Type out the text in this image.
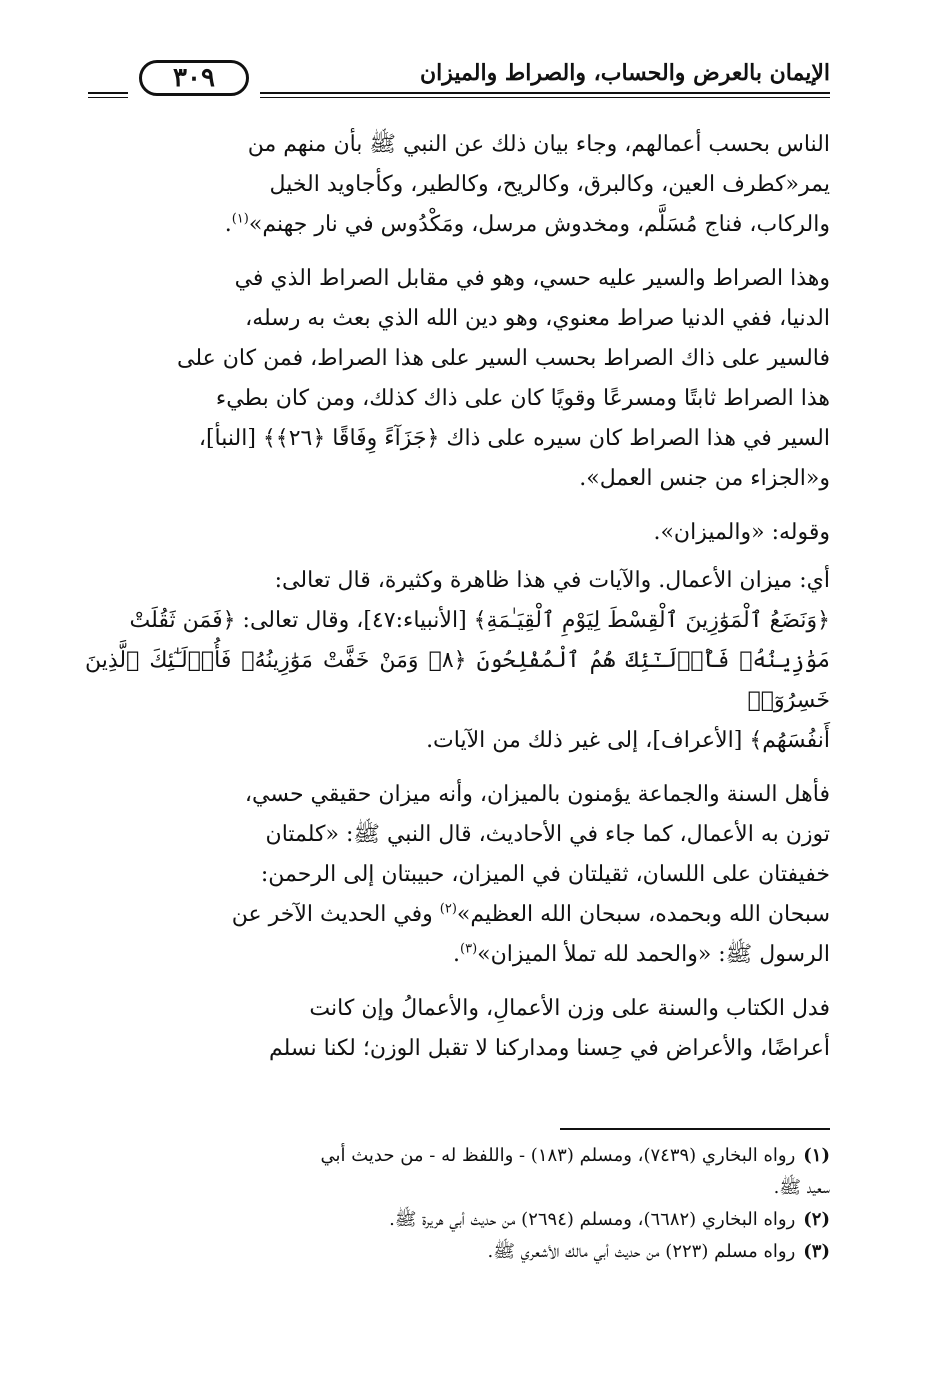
الإيمان بالعرض والحساب، والصراط والميزان
٣٠٩

الناس بحسب أعمالهم، وجاء بيان ذلك عن النبي ﷺ بأن منهم من
يمر«كطرف العين، وكالبرق، وكالريح، وكالطير، وكأجاويد الخيل
والركاب، فناج مُسَلَّم، ومخدوش مرسل، ومَكْدُوس في نار جهنم»$^{(١)}$.

وهذا الصراط والسير عليه حسي، وهو في مقابل الصراط الذي في
الدنيا، ففي الدنيا صراط معنوي، وهو دين الله الذي بعث به رسله،
فالسير على ذاك الصراط بحسب السير على هذا الصراط، فمن كان على
هذا الصراط ثابتًا ومسرعًا وقويًا كان على ذاك كذلك، ومن كان بطيء
السير في هذا الصراط كان سيره على ذاك ﴿جَزَآءً وِفَاقًا ﴿٢٦﴾﴾ [النبأ]،
و«الجزاء من جنس العمل».

وقوله: «والميزان».

أي: ميزان الأعمال. والآيات في هذا ظاهرة وكثيرة، قال تعالى:
﴿وَنَضَعُ ٱلْمَوَٰزِينَ ٱلْقِسْطَ لِيَوْمِ ٱلْقِيَـٰمَةِ﴾ [الأنبياء:٤٧]، وقال تعالى: ﴿فَمَن ثَقُلَتْ
مَوَٰزِينُهُۥ فَأُو۟لَـٰٓئِكَ هُمُ ٱلْمُفْلِحُونَ ﴿٨﴾ وَمَنْ خَفَّتْ مَوَٰزِينُهُۥ فَأُو۟لَـٰٓئِكَ ٱلَّذِينَ خَسِرُوٓا۟
أَنفُسَهُم﴾ [الأعراف]، إلى غير ذلك من الآيات.

فأهل السنة والجماعة يؤمنون بالميزان، وأنه ميزان حقيقي حسي،
توزن به الأعمال، كما جاء في الأحاديث، قال النبي ﷺ: «كلمتان
خفيفتان على اللسان، ثقيلتان في الميزان، حبيبتان إلى الرحمن:
سبحان الله وبحمده، سبحان الله العظيم»$^{(٢)}$ وفي الحديث الآخر عن
الرسول ﷺ: «والحمد لله تملأ الميزان»$^{(٣)}$.

فدل الكتاب والسنة على وزن الأعمالِ، والأعمالُ وإن كانت
أعراضًا، والأعراض في حِسنا ومداركنا لا تقبل الوزن؛ لكنا نسلم

(١)رواه البخاري (٧٤٣٩)، ومسلم (١٨٣) - واللفظ له - من حديث أبي
سعيد ﷺ.

(٢)رواه البخاري (٦٦٨٢)، ومسلم (٢٦٩٤) من حديث أبي هريرة ﷺ.

(٣)رواه مسلم (٢٢٣) من حديث أبي مالك الأشعري ﷺ.
